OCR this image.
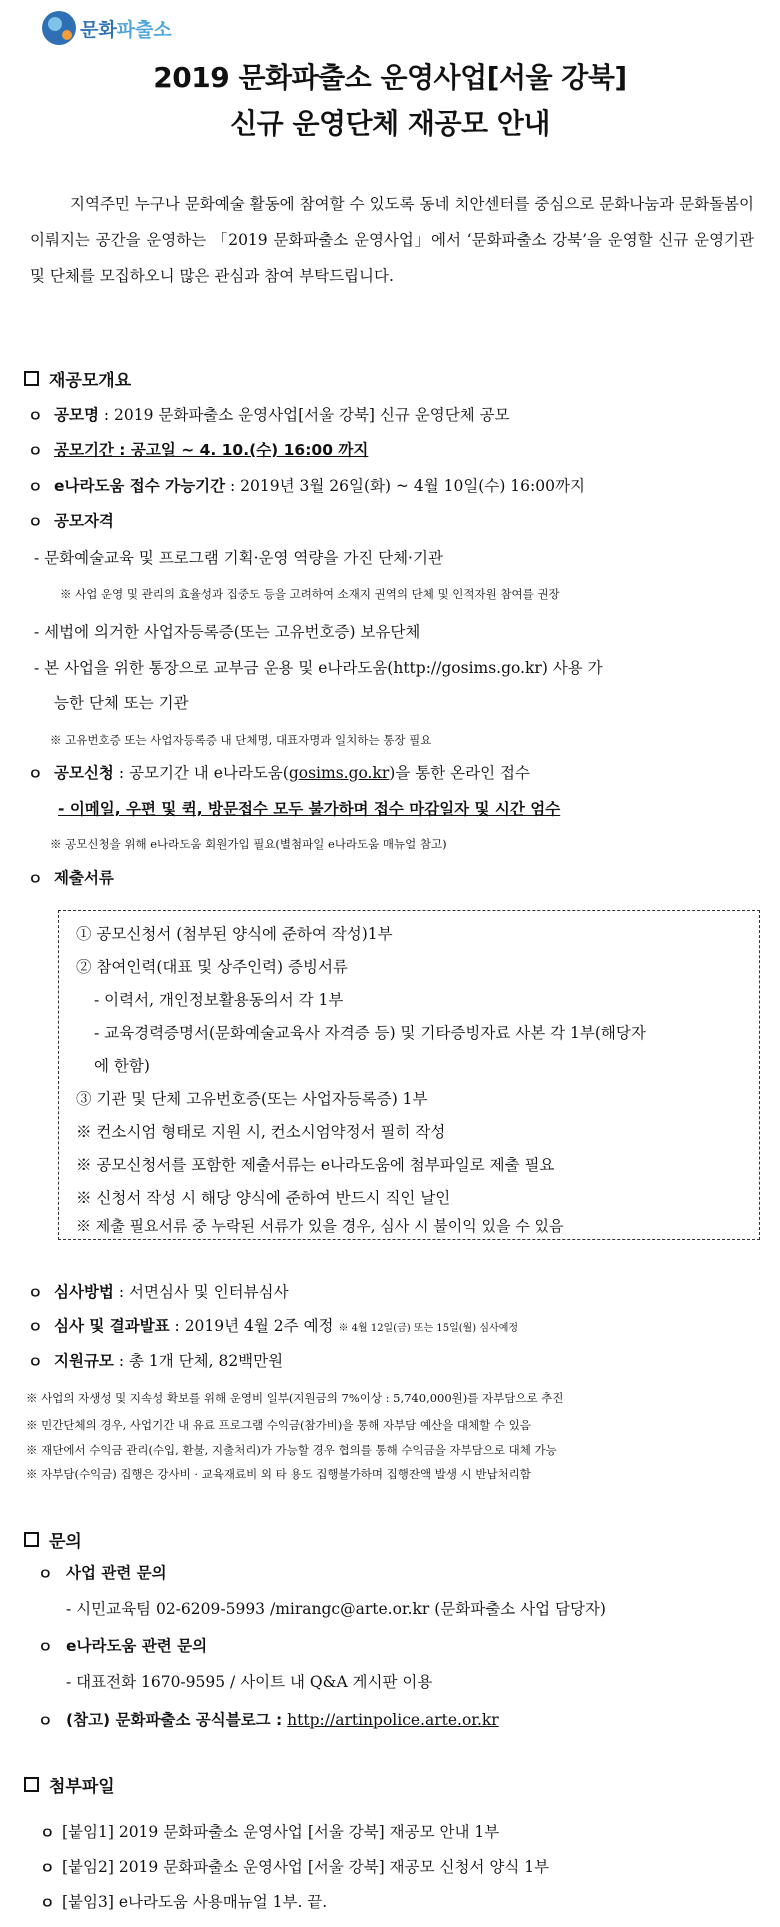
문화파출소
2019 문화파출소 운영사업[서울 강북]
신규 운영단체 재공모 안내
지역주민 누구나 문화예술 활동에 참여할 수 있도록 동네 치안센터를 중심으로 문화나눔과 문화돌봄이 이뤄지는 공간을 운영하는 「2019 문화파출소 운영사업」에서 ‘문화파출소 강북’을 운영할 신규 운영기관 및 단체를 모집하오니 많은 관심과 참여 부탁드립니다.
재공모개요
ㅇ 공모명 : 2019 문화파출소 운영사업[서울 강북] 신규 운영단체 공모
ㅇ 공모기간 : 공고일 ~ 4. 10.(수) 16:00 까지
ㅇ e나라도움 접수 가능기간 : 2019년 3월 26일(화) ~ 4월 10일(수) 16:00까지
ㅇ 공모자격
- 문화예술교육 및 프로그램 기획·운영 역량을 가진 단체·기관
※ 사업 운영 및 관리의 효율성과 집중도 등을 고려하여 소재지 권역의 단체 및 인적자원 참여를 권장
- 세법에 의거한 사업자등록증(또는 고유번호증) 보유단체
- 본 사업을 위한 통장으로 교부금 운용 및 e나라도움(http://gosims.go.kr) 사용 가
능한 단체 또는 기관
※ 고유번호증 또는 사업자등록증 내 단체명, 대표자명과 일치하는 통장 필요
ㅇ 공모신청 : 공모기간 내 e나라도움(gosims.go.kr)을 통한 온라인 접수
- 이메일, 우편 및 퀵, 방문접수 모두 불가하며 접수 마감일자 및 시간 엄수
※ 공모신청을 위해 e나라도움 회원가입 필요(별첨파일 e나라도움 매뉴얼 참고)
ㅇ 제출서류
① 공모신청서 (첨부된 양식에 준하여 작성)1부
② 참여인력(대표 및 상주인력) 증빙서류
- 이력서, 개인정보활용동의서 각 1부
- 교육경력증명서(문화예술교육사 자격증 등) 및 기타증빙자료 사본 각 1부(해당자
에 한함)
③ 기관 및 단체 고유번호증(또는 사업자등록증) 1부
※ 컨소시엄 형태로 지원 시, 컨소시엄약정서 필히 작성
※ 공모신청서를 포함한 제출서류는 e나라도움에 첨부파일로 제출 필요
※ 신청서 작성 시 해당 양식에 준하여 반드시 직인 날인
※ 제출 필요서류 중 누락된 서류가 있을 경우, 심사 시 불이익 있을 수 있음
ㅇ 심사방법 : 서면심사 및 인터뷰심사
ㅇ 심사 및 결과발표 : 2019년 4월 2주 예정 ※ 4월 12일(금) 또는 15일(월) 심사예정
ㅇ 지원규모 : 총 1개 단체, 82백만원
※ 사업의 자생성 및 지속성 확보를 위해 운영비 일부(지원금의 7%이상 : 5,740,000원)를 자부담으로 추진
※ 민간단체의 경우, 사업기간 내 유료 프로그램 수익금(참가비)을 통해 자부담 예산을 대체할 수 있음
※ 재단에서 수익금 관리(수입, 환불, 지출처리)가 가능할 경우 협의를 통해 수익금을 자부담으로 대체 가능
※ 자부담(수익금) 집행은 강사비 · 교육재료비 외 타 용도 집행불가하며 집행잔액 발생 시 반납처리함
문의
ㅇ 사업 관련 문의
- 시민교육팀 02-6209-5993 /mirangc@arte.or.kr (문화파출소 사업 담당자)
ㅇ e나라도움 관련 문의
- 대표전화 1670-9595 / 사이트 내 Q&A 게시판 이용
ㅇ (참고) 문화파출소 공식블로그 : http://artinpolice.arte.or.kr
첨부파일
ㅇ [붙임1] 2019 문화파출소 운영사업 [서울 강북] 재공모 안내 1부
ㅇ [붙임2] 2019 문화파출소 운영사업 [서울 강북] 재공모 신청서 양식 1부
ㅇ [붙임3] e나라도움 사용매뉴얼 1부. 끝.
